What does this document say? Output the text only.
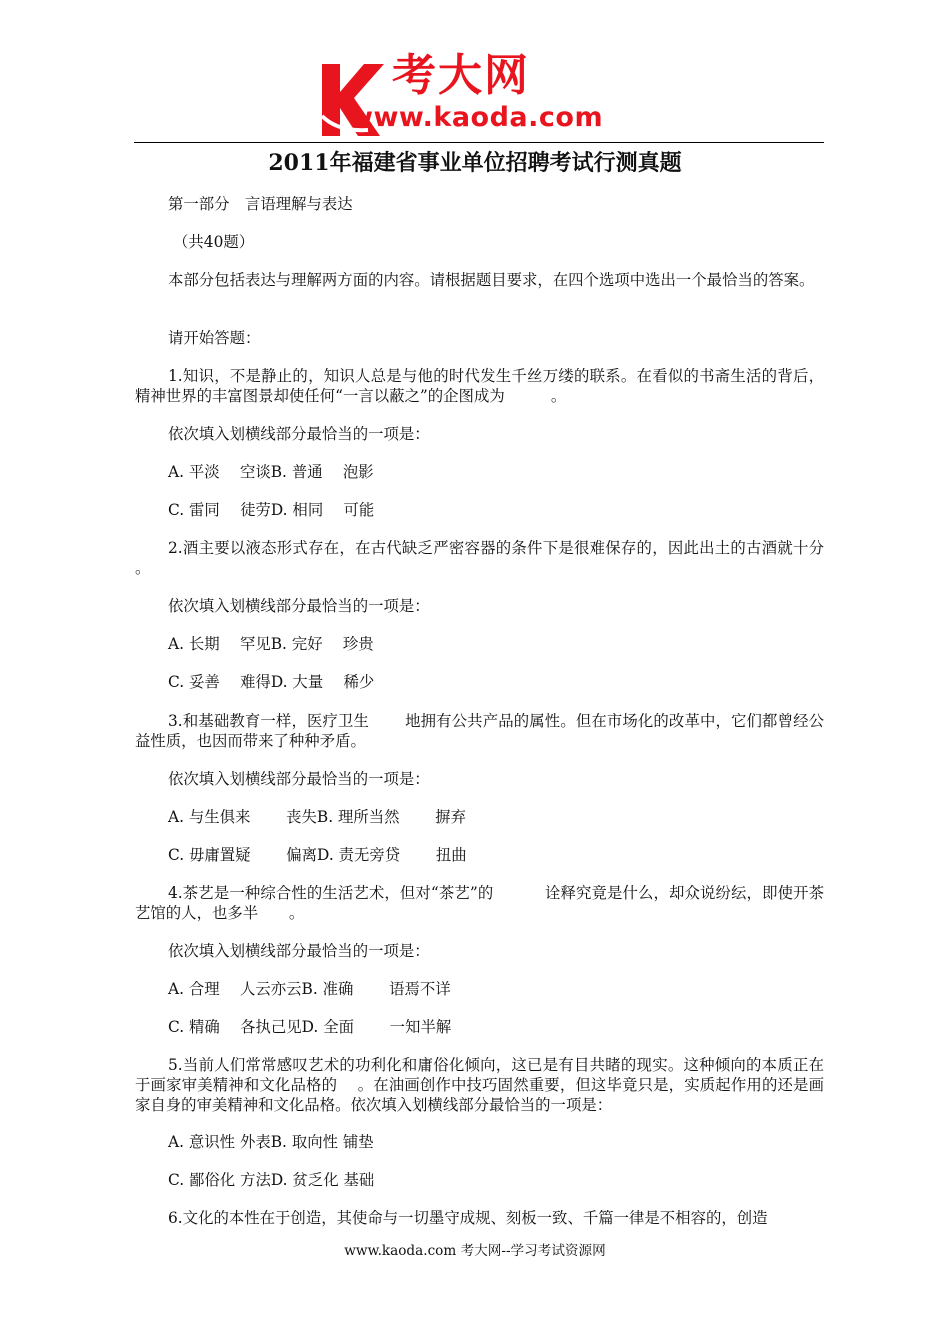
考大网
www.kaoda.com
2011年福建省事业单位招聘考试行测真题
第一部分　言语理解与表达
（共40题）
本部分包括表达与理解两方面的内容。请根据题目要求，在四个选项中选出一个最恰当的答案。
请开始答题：
1.知识，不是静止的，知识人总是与他的时代发生千丝万缕的联系。在看似的书斋生活的背后，精神世界的丰富图景却使任何“一言以蔽之”的企图成为　　　。
依次填入划横线部分最恰当的一项是：
A. 平淡　 空谈B. 普通　 泡影
C. 雷同　 徒劳D. 相同　 可能
2.酒主要以液态形式存在，在古代缺乏严密容器的条件下是很难保存的，因此出土的古酒就十分 。
依次填入划横线部分最恰当的一项是：
A. 长期　 罕见B. 完好　 珍贵
C. 妥善　 难得D. 大量　 稀少
3.和基础教育一样，医疗卫生　　 地拥有公共产品的属性。但在市场化的改革中，它们都曾经公益性质，也因而带来了种种矛盾。
依次填入划横线部分最恰当的一项是：
A. 与生俱来　　 丧失B. 理所当然　　 摒弃
C. 毋庸置疑　　 偏离D. 责无旁贷　　 扭曲
4.茶艺是一种综合性的生活艺术，但对“茶艺”的　　　 诠释究竟是什么，却众说纷纭，即使开茶艺馆的人，也多半　　。
依次填入划横线部分最恰当的一项是：
A. 合理　 人云亦云B. 准确　　 语焉不详
C. 精确　 各执己见D. 全面　　 一知半解
5.当前人们常常感叹艺术的功利化和庸俗化倾向，这已是有目共睹的现实。这种倾向的本质正在于画家审美精神和文化品格的　 。在油画创作中技巧固然重要，但这毕竟只是，实质起作用的还是画家自身的审美精神和文化品格。依次填入划横线部分最恰当的一项是：
A. 意识性 外表B. 取向性 铺垫
C. 鄙俗化 方法D. 贫乏化 基础
6.文化的本性在于创造，其使命与一切墨守成规、刻板一致、千篇一律是不相容的，创造
www.kaoda.com 考大网--学习考试资源网
